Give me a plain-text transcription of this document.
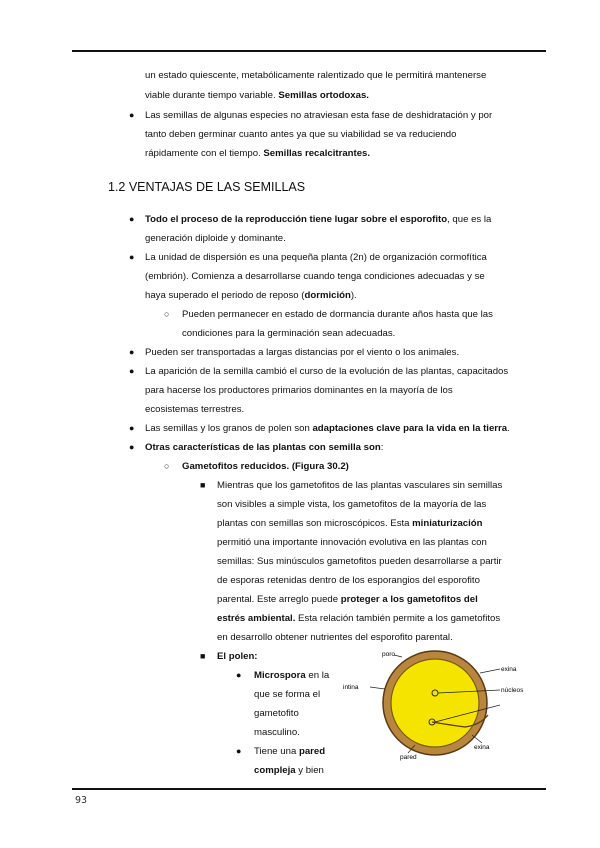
un estado quiescente, metabólicamente ralentizado que le permitirá mantenerse
viable durante tiempo variable. Semillas ortodoxas.
● Las semillas de algunas especies no atraviesan esta fase de deshidratación y por
tanto deben germinar cuanto antes ya que su viabilidad se va reduciendo
rápidamente con el tiempo. Semillas recalcitrantes.
1.2 VENTAJAS DE LAS SEMILLAS
● Todo el proceso de la reproducción tiene lugar sobre el esporofito, que es la
generación diploide y dominante.
● La unidad de dispersión es una pequeña planta (2n) de organización cormofítica
(embrión). Comienza a desarrollarse cuando tenga condiciones adecuadas y se
haya superado el periodo de reposo (dormición).
○ Pueden permanecer en estado de dormancia durante años hasta que las
condiciones para la germinación sean adecuadas.
● Pueden ser transportadas a largas distancias por el viento o los animales.
● La aparición de la semilla cambió el curso de la evolución de las plantas, capacitados
para hacerse los productores primarios dominantes en la mayoría de los
ecosistemas terrestres.
● Las semillas y los granos de polen son adaptaciones clave para la vida en la tierra.
● Otras características de las plantas con semilla son:
○ Gametofitos reducidos. (Figura 30.2)
■ Mientras que los gametofitos de las plantas vasculares sin semillas
son visibles a simple vista, los gametofitos de la mayoría de las
plantas con semillas son microscópicos. Esta miniaturización
permitió una importante innovación evolutiva en las plantas con
semillas: Sus minúsculos gametofitos pueden desarrollarse a partir
de esporas retenidas dentro de los esporangios del esporofito
parental. Este arreglo puede proteger a los gametofitos del
estrés ambiental. Esta relación también permite a los gametofitos
en desarrollo obtener nutrientes del esporofito parental.
■ El polen:
● Microspora en la
que se forma el
gametofito
masculino.
● Tiene una pared
compleja y bien
poro
exina
intina	núcleos
pared
exina
93
